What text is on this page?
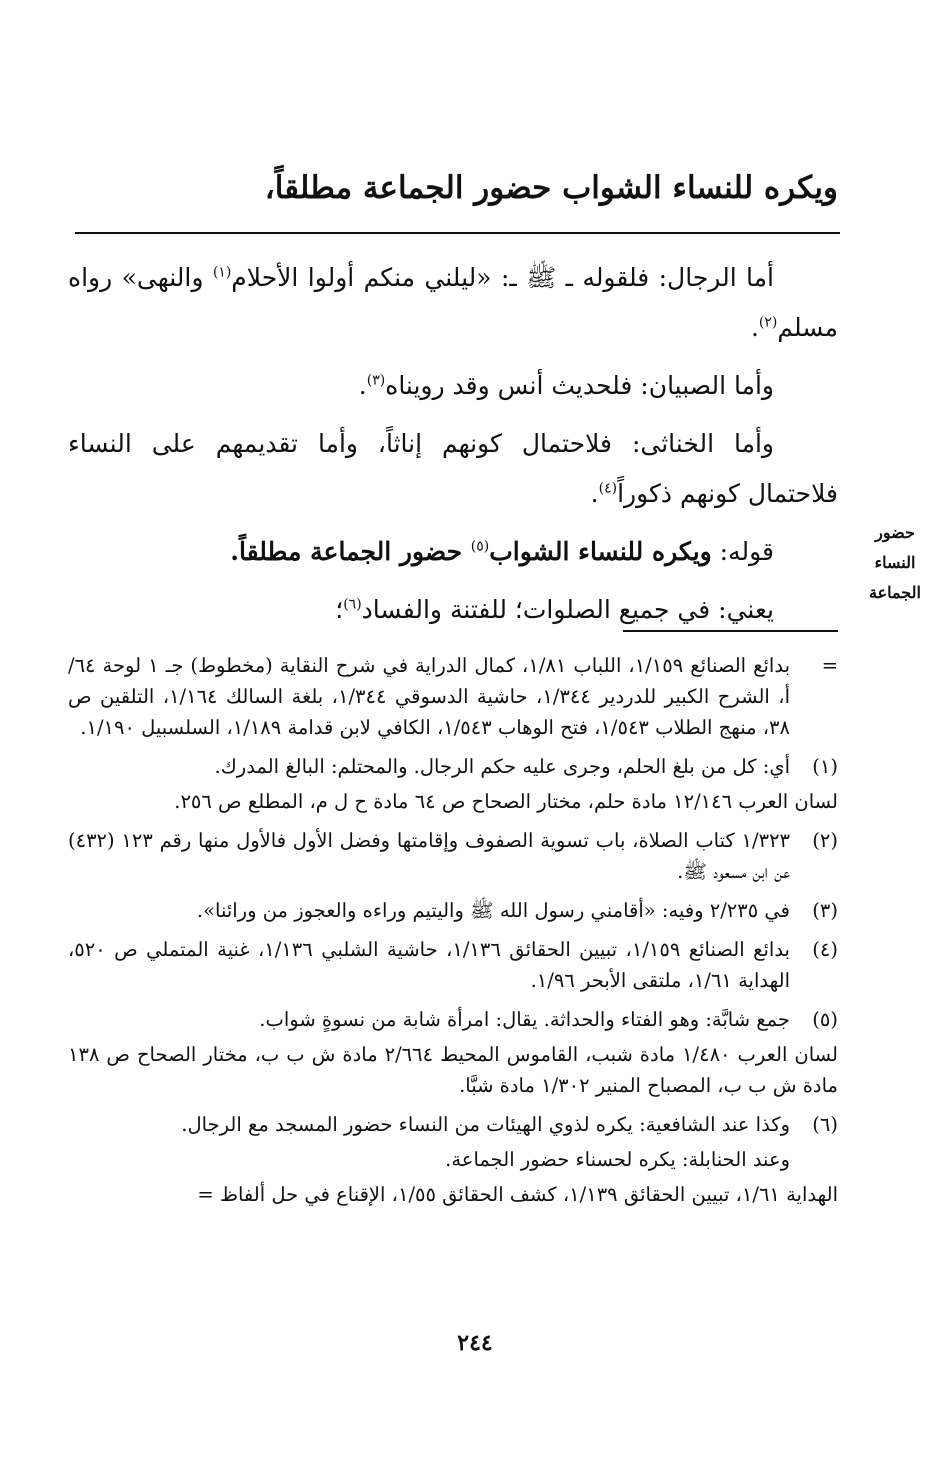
ويكره للنساء الشواب حضور الجماعة مطلقاً،
حضور
النساء
الجماعة

أما الرجال: فلقوله ـ ﷺ ـ: «ليلني منكم أولوا الأحلام$^{(١)}$ والنهى» رواه مسلم$^{(٢)}$.

وأما الصبيان: فلحديث أنس وقد رويناه$^{(٣)}$.

وأما الخناثى: فلاحتمال كونهم إناثاً، وأما تقديمهم على النساء فلاحتمال كونهم ذكوراً$^{(٤)}$.

قوله: ويكره للنساء الشواب$^{(٥)}$ حضور الجماعة مطلقاً.

يعني: في جميع الصلوات؛ للفتنة والفساد$^{(٦)}$؛

=

بدائع الصنائع ١/١٥٩، اللباب ١/٨١، كمال الدراية في شرح النقاية (مخطوط) جـ ١ لوحة ٦٤/أ، الشرح الكبير للدردير ١/٣٤٤، حاشية الدسوقي ١/٣٤٤، بلغة السالك ١/١٦٤، التلقين ص ٣٨، منهج الطلاب ١/٥٤٣، فتح الوهاب ١/٥٤٣، الكافي لابن قدامة ١/١٨٩، السلسبيل ١/١٩٠.

(١)

أي: كل من بلغ الحلم، وجرى عليه حكم الرجال. والمحتلم: البالغ المدرك.

لسان العرب ١٢/١٤٦ مادة حلم، مختار الصحاح ص ٦٤ مادة ح ل م، المطلع ص ٢٥٦.

(٢)

١/٣٢٣ كتاب الصلاة، باب تسوية الصفوف وإقامتها وفضل الأول فالأول منها رقم ١٢٣ (٤٣٢) عن ابن مسعود ﷺ.

(٣)

في ٢/٢٣٥ وفيه: «أقامني رسول الله ﷺ واليتيم وراءه والعجوز من ورائنا».

(٤)

بدائع الصنائع ١/١٥٩، تبيين الحقائق ١/١٣٦، حاشية الشلبي ١/١٣٦، غنية المتملي ص ٥٢٠، الهداية ١/٦١، ملتقى الأبحر ١/٩٦.

(٥)

جمع شابَّة: وهو الفتاء والحداثة. يقال: امرأة شابة من نسوةٍ شواب.

لسان العرب ١/٤٨٠ مادة شبب، القاموس المحيط ٢/٦٦٤ مادة ش ب ب، مختار الصحاح ص ١٣٨ مادة ش ب ب، المصباح المنير ١/٣٠٢ مادة شبَّا.

(٦)

وكذا عند الشافعية: يكره لذوي الهيئات من النساء حضور المسجد مع الرجال.

وعند الحنابلة: يكره لحسناء حضور الجماعة.

الهداية ١/٦١، تبيين الحقائق ١/١٣٩، كشف الحقائق ١/٥٥، الإقناع في حل ألفاظ =

٢٤٤
